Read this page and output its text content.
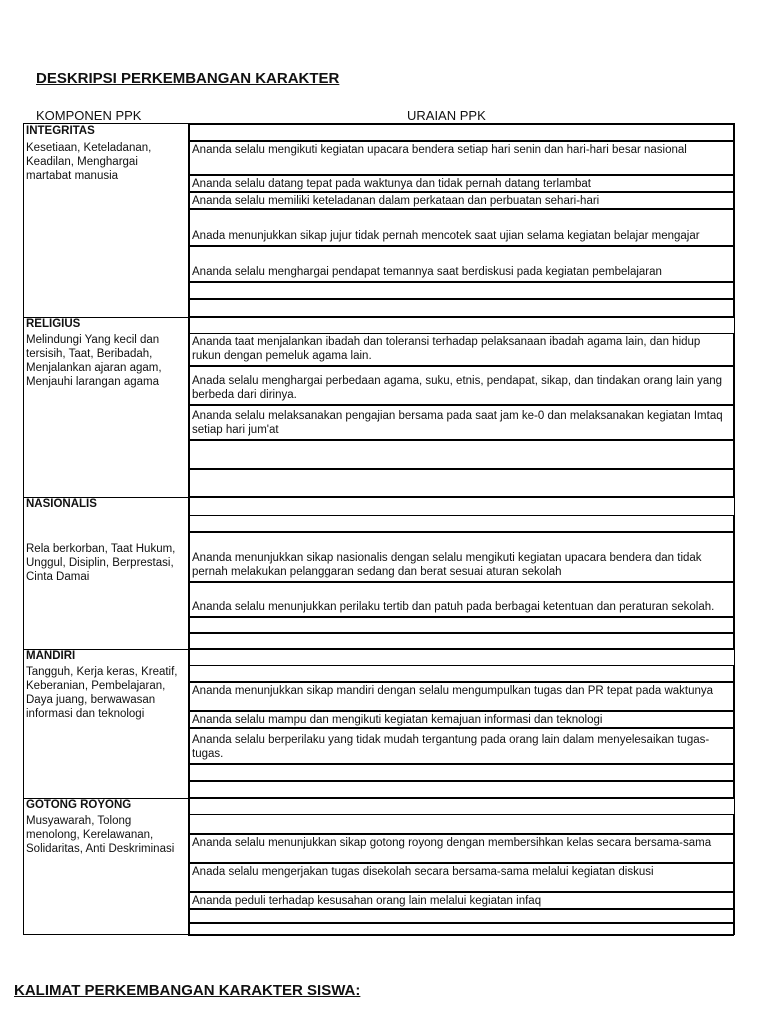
DESKRIPSI PERKEMBANGAN KARAKTER
KOMPONEN PPK	URAIAN PPK
INTEGRITAS
Kesetiaan, Keteladanan, Keadilan, Menghargai martabat manusia
Ananda selalu mengikuti kegiatan upacara bendera setiap hari senin dan hari-hari besar nasional
Ananda selalu datang tepat pada waktunya dan tidak pernah datang terlambat
Ananda selalu memiliki keteladanan dalam perkataan dan perbuatan sehari-hari
Anada menunjukkan sikap jujur tidak pernah mencotek saat ujian selama kegiatan belajar mengajar
Ananda selalu menghargai pendapat temannya saat berdiskusi pada kegiatan pembelajaran
RELIGIUS
Melindungi Yang kecil dan tersisih, Taat, Beribadah, Menjalankan ajaran agam, Menjauhi larangan agama
Ananda taat menjalankan ibadah dan toleransi terhadap pelaksanaan ibadah agama lain, dan hidup rukun dengan pemeluk agama lain.
Anada selalu menghargai perbedaan agama, suku, etnis, pendapat, sikap, dan tindakan orang lain yang berbeda dari dirinya.
Ananda selalu melaksanakan pengajian bersama pada saat jam ke-0 dan melaksanakan kegiatan Imtaq setiap hari jum'at
NASIONALIS
Rela berkorban, Taat Hukum, Unggul, Disiplin, Berprestasi, Cinta Damai
Ananda menunjukkan sikap nasionalis dengan selalu mengikuti kegiatan upacara bendera dan tidak pernah melakukan pelanggaran sedang dan berat sesuai aturan sekolah
Ananda selalu menunjukkan perilaku tertib dan patuh pada berbagai ketentuan dan peraturan sekolah.
MANDIRI
Tangguh, Kerja keras, Kreatif, Keberanian, Pembelajaran, Daya juang, berwawasan informasi dan teknologi
Ananda menunjukkan sikap mandiri dengan selalu mengumpulkan tugas dan PR tepat pada waktunya
Ananda selalu mampu dan mengikuti kegiatan kemajuan informasi dan teknologi
Ananda selalu berperilaku yang tidak mudah tergantung pada orang lain dalam menyelesaikan tugas-tugas.
GOTONG ROYONG
Musyawarah, Tolong menolong, Kerelawanan, Solidaritas, Anti Deskriminasi	Ananda selalu menunjukkan sikap gotong royong dengan membersihkan kelas secara bersama-sama
Anada selalu mengerjakan tugas disekolah secara bersama-sama melalui kegiatan diskusi
Ananda peduli terhadap kesusahan orang lain melalui kegiatan infaq
KALIMAT PERKEMBANGAN KARAKTER SISWA:
